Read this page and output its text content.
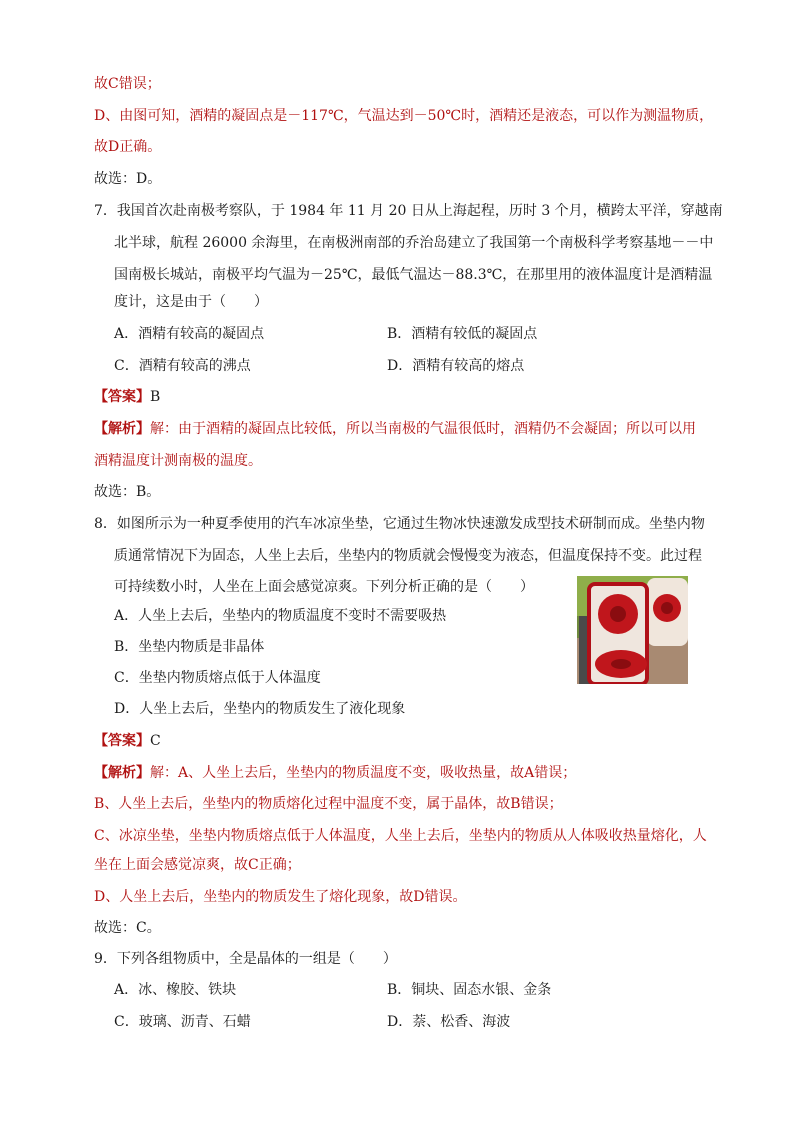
故C错误；
D、由图可知，酒精的凝固点是－117℃，气温达到－50℃时，酒精还是液态，可以作为测温物质，
故D正确。
故选：D。
7．我国首次赴南极考察队，于 1984 年 11 月 20 日从上海起程，历时 3 个月，横跨太平洋，穿越南
北半球，航程 26000 余海里，在南极洲南部的乔治岛建立了我国第一个南极科学考察基地－－中
国南极长城站，南极平均气温为－25℃，最低气温达－88.3℃，在那里用的液体温度计是酒精温
度计，这是由于（　　）
A．酒精有较高的凝固点	B．酒精有较低的凝固点
C．酒精有较高的沸点	D．酒精有较高的熔点
【答案】B
【解析】解：由于酒精的凝固点比较低，所以当南极的气温很低时，酒精仍不会凝固；所以可以用
酒精温度计测南极的温度。
故选：B。
8．如图所示为一种夏季使用的汽车冰凉坐垫，它通过生物冰快速激发成型技术研制而成。坐垫内物
质通常情况下为固态，人坐上去后，坐垫内的物质就会慢慢变为液态，但温度保持不变。此过程
可持续数小时，人坐在上面会感觉凉爽。下列分析正确的是（　　）
A．人坐上去后，坐垫内的物质温度不变时不需要吸热
B．坐垫内物质是非晶体
C．坐垫内物质熔点低于人体温度
D．人坐上去后，坐垫内的物质发生了液化现象
【答案】C
【解析】解：A、人坐上去后，坐垫内的物质温度不变，吸收热量，故A错误；
B、人坐上去后，坐垫内的物质熔化过程中温度不变，属于晶体，故B错误；
C、冰凉坐垫，坐垫内物质熔点低于人体温度，人坐上去后，坐垫内的物质从人体吸收热量熔化，人
坐在上面会感觉凉爽，故C正确；
D、人坐上去后，坐垫内的物质发生了熔化现象，故D错误。
故选：C。
9．下列各组物质中，全是晶体的一组是（　　）
A．冰、橡胶、铁块	B．铜块、固态水银、金条
C．玻璃、沥青、石蜡	D．萘、松香、海波
